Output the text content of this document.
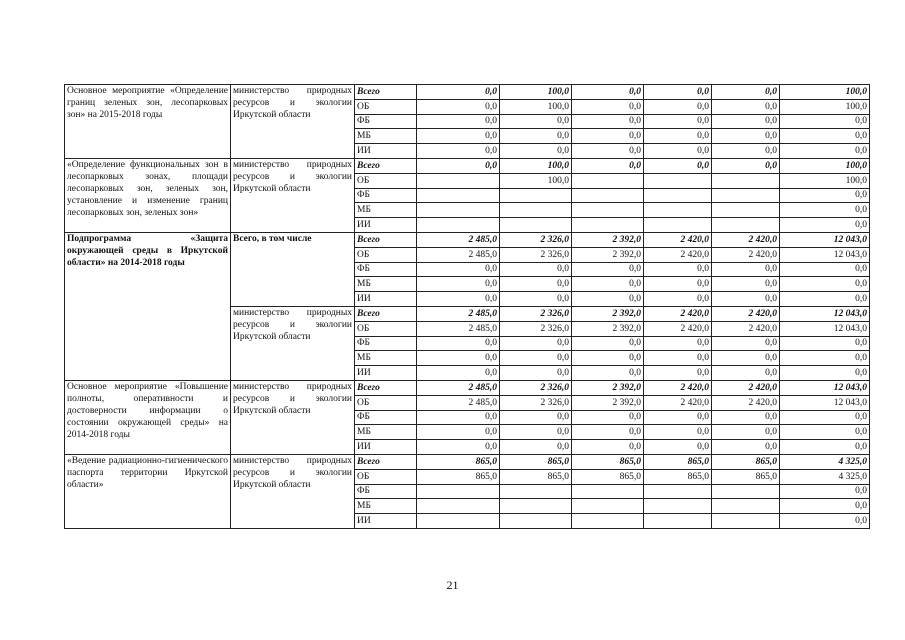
Основное мероприятие «Определение границ зеленых зон, лесопарковых зон» на 2015-2018 годы	министерство природных ресурсов и экологии Иркутской области	Всего	0,0	100,0	0,0	0,0	0,0	100,0
		ОБ	0,0	100,0	0,0	0,0	0,0	100,0
		ФБ	0,0	0,0	0,0	0,0	0,0	0,0
		МБ	0,0	0,0	0,0	0,0	0,0	0,0
		ИИ	0,0	0,0	0,0	0,0	0,0	0,0
«Определение функциональных зон в лесопарковых зонах, площади лесопарковых зон, зеленых зон, установление и изменение границ лесопарковых зон, зеленых зон»	министерство природных ресурсов и экологии Иркутской области	Всего	0,0	100,0	0,0	0,0	0,0	100,0
		ОБ		100,0				100,0
		ФБ						0,0
		МБ						0,0
		ИИ						0,0
Подпрограмма «Защита окружающей среды в Иркутской области» на 2014-2018 годы	Всего, в том числе	Всего	2 485,0	2 326,0	2 392,0	2 420,0	2 420,0	12 043,0
		ОБ	2 485,0	2 326,0	2 392,0	2 420,0	2 420,0	12 043,0
		ФБ	0,0	0,0	0,0	0,0	0,0	0,0
		МБ	0,0	0,0	0,0	0,0	0,0	0,0
		ИИ	0,0	0,0	0,0	0,0	0,0	0,0
	министерство природных ресурсов и экологии Иркутской области	Всего	2 485,0	2 326,0	2 392,0	2 420,0	2 420,0	12 043,0
		ОБ	2 485,0	2 326,0	2 392,0	2 420,0	2 420,0	12 043,0
		ФБ	0,0	0,0	0,0	0,0	0,0	0,0
		МБ	0,0	0,0	0,0	0,0	0,0	0,0
		ИИ	0,0	0,0	0,0	0,0	0,0	0,0
Основное мероприятие «Повышение полноты, оперативности и достоверности информации о состоянии окружающей среды» на 2014-2018 годы	министерство природных ресурсов и экологии Иркутской области	Всего	2 485,0	2 326,0	2 392,0	2 420,0	2 420,0	12 043,0
		ОБ	2 485,0	2 326,0	2 392,0	2 420,0	2 420,0	12 043,0
		ФБ	0,0	0,0	0,0	0,0	0,0	0,0
		МБ	0,0	0,0	0,0	0,0	0,0	0,0
		ИИ	0,0	0,0	0,0	0,0	0,0	0,0
«Ведение радиационно-гигиенического паспорта территории Иркутской области»	министерство природных ресурсов и экологии Иркутской области	Всего	865,0	865,0	865,0	865,0	865,0	4 325,0
		ОБ	865,0	865,0	865,0	865,0	865,0	4 325,0
		ФБ						0,0
		МБ						0,0
		ИИ						0,0
21
